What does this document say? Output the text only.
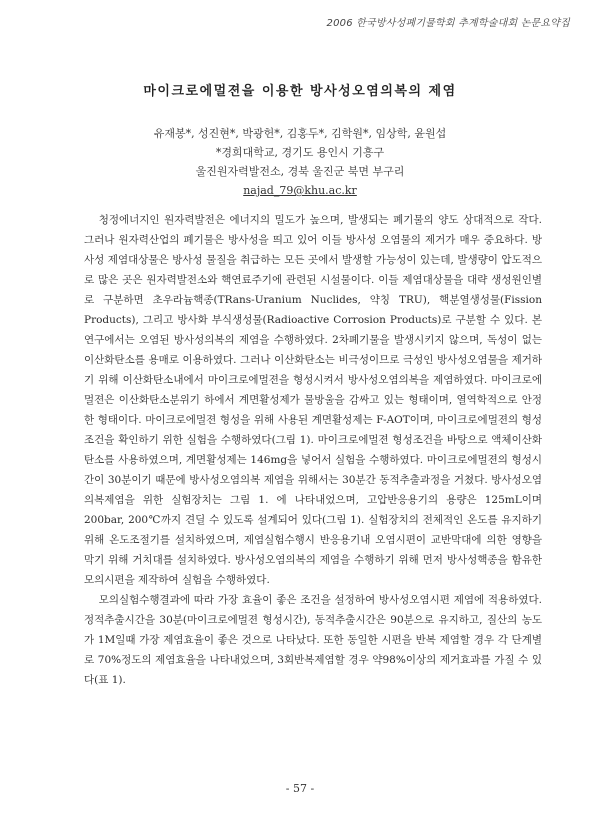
2006 한국방사성폐기물학회 추계학술대회 논문요약집
마이크로에멀젼을 이용한 방사성오염의복의 제염
유재봉*, 성진현*, 박광헌*, 김홍두*, 김학원*, 임상학, 윤원섭
*경희대학교, 경기도 용인시 기흥구
울진원자력발전소, 경북 울진군 북면 부구리
najad_79@khu.ac.kr

청정에너지인 원자력발전은 에너지의 밀도가 높으며, 발생되는 폐기물의 양도 상대적으로 작다. 그러나 원자력산업의 폐기물은 방사성을 띄고 있어 이들 방사성 오염물의 제거가 매우 중요하다. 방사성 제염대상물은 방사성 물질을 취급하는 모든 곳에서 발생할 가능성이 있는데, 발생량이 압도적으로 많은 곳은 원자력발전소와 핵연료주기에 관련된 시설물이다. 이들 제염대상물을 대략 생성원인별로 구분하면 초우라늄핵종(TRans-Uranium Nuclides, 약칭 TRU), 핵분열생성물(Fission Products), 그리고 방사화 부식생성물(Radioactive Corrosion Products)로 구분할 수 있다. 본 연구에서는 오염된 방사성의복의 제염을 수행하였다. 2차폐기물을 발생시키지 않으며, 독성이 없는 이산화탄소를 용매로 이용하였다. 그러나 이산화탄소는 비극성이므로 극성인 방사성오염물을 제거하기 위해 이산화탄소내에서 마이크로에멀젼을 형성시켜서 방사성오염의복을 제염하였다. 마이크로에멀젼은 이산화탄소분위기 하에서 계면활성제가 물방울을 감싸고 있는 형태이며, 열역학적으로 안정한 형태이다. 마이크로에멀젼 형성을 위해 사용된 계면활성제는 F-AOT이며, 마이크로에멀젼의 형성조건을 확인하기 위한 실험을 수행하였다(그림 1). 마이크로에멀젼 형성조건을 바탕으로 액체이산화탄소를 사용하였으며, 계면활성제는 146mg을 넣어서 실험을 수행하였다. 마이크로에멀젼의 형성시간이 30분이기 때문에 방사성오염의복 제염을 위해서는 30분간 동적추출과정을 거쳤다. 방사성오염의복제염을 위한 실험장치는 그림 1. 에 나타내었으며, 고압반응용기의 용량은 125mL이며 200bar, 200℃까지 견딜 수 있도록 설계되어 있다(그림 1). 실험장치의 전체적인 온도를 유지하기 위해 온도조절기를 설치하였으며, 제염실험수행시 반응용기내 오염시편이 교반막대에 의한 영향을 막기 위해 거치대를 설치하였다. 방사성오염의복의 제염을 수행하기 위해 먼저 방사성핵종을 함유한 모의시편을 제작하여 실험을 수행하였다.

모의실험수행결과에 따라 가장 효율이 좋은 조건을 설정하여 방사성오염시편 제염에 적용하였다. 정적추출시간을 30분(마이크로에멀젼 형성시간), 동적추출시간은 90분으로 유지하고, 질산의 농도가 1M일때 가장 제염효율이 좋은 것으로 나타났다. 또한 동일한 시편을 반복 제염할 경우 각 단계별로 70%정도의 제염효율을 나타내었으며, 3회반복제염할 경우 약98%이상의 제거효과를 가질 수 있다(표 1).

- 57 -
